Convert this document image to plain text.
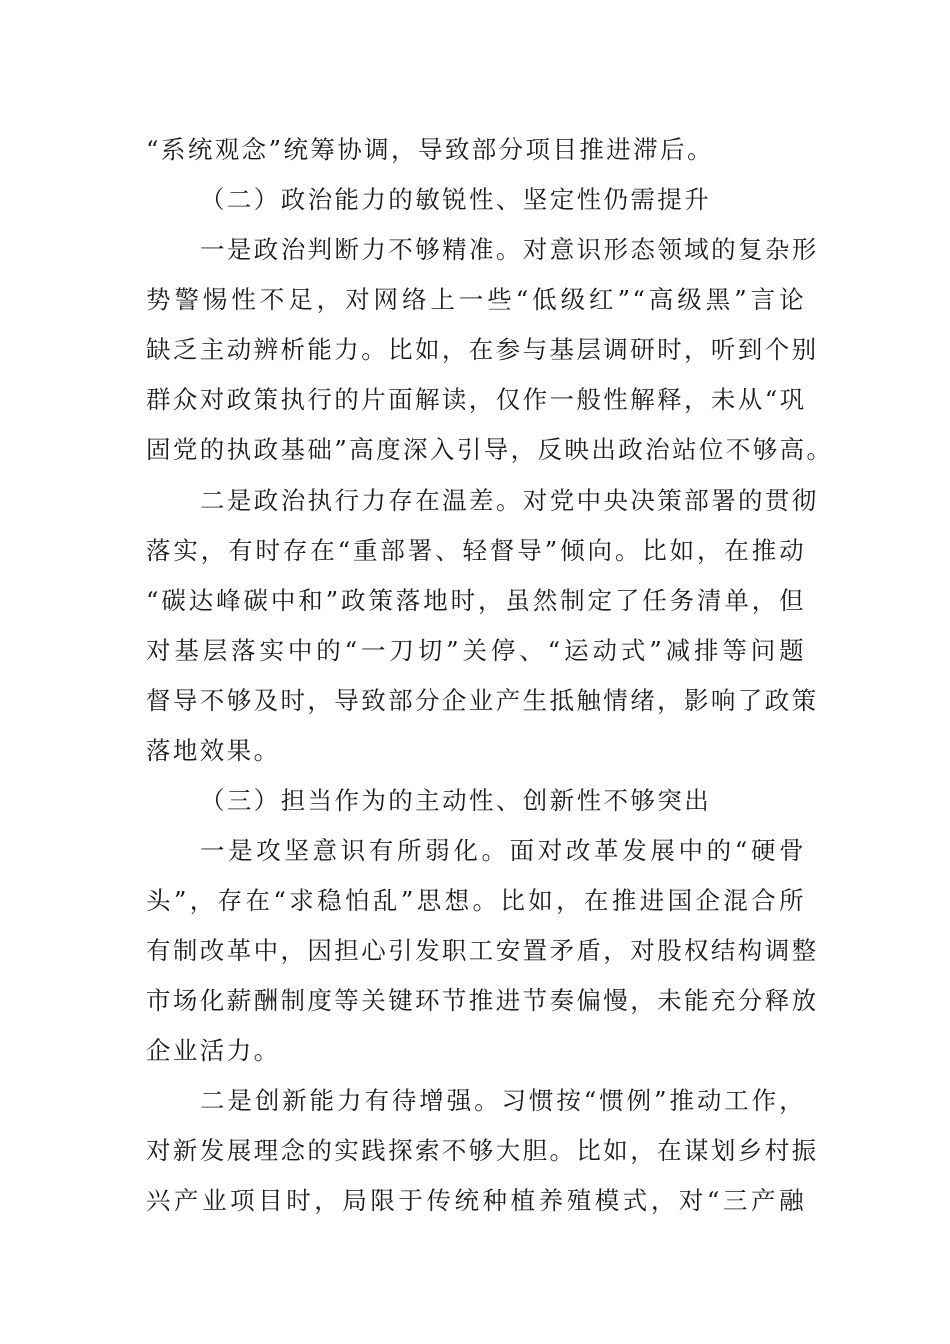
“系统观念”统筹协调，导致部分项目推进滞后。
（二）政治能力的敏锐性、坚定性仍需提升
一是政治判断力不够精准。对意识形态领域的复杂形
势警惕性不足，对网络上一些“低级红”“高级黑”言论
缺乏主动辨析能力。比如，在参与基层调研时，听到个别
群众对政策执行的片面解读，仅作一般性解释，未从“巩
固党的执政基础”高度深入引导，反映出政治站位不够高。
二是政治执行力存在温差。对党中央决策部署的贯彻
落实，有时存在“重部署、轻督导”倾向。比如，在推动
“碳达峰碳中和”政策落地时，虽然制定了任务清单，但
对基层落实中的“一刀切”关停、“运动式”减排等问题
督导不够及时，导致部分企业产生抵触情绪，影响了政策
落地效果。
（三）担当作为的主动性、创新性不够突出
一是攻坚意识有所弱化。面对改革发展中的“硬骨
头”，存在“求稳怕乱”思想。比如，在推进国企混合所
有制改革中，因担心引发职工安置矛盾，对股权结构调整
市场化薪酬制度等关键环节推进节奏偏慢，未能充分释放
企业活力。
二是创新能力有待增强。习惯按“惯例”推动工作，
对新发展理念的实践探索不够大胆。比如，在谋划乡村振
兴产业项目时，局限于传统种植养殖模式，对“三产融
